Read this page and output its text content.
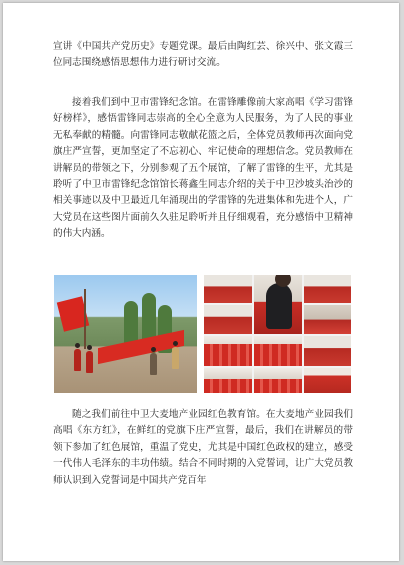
宣讲《中国共产党历史》专题党课。最后由陶红芸、徐兴中、张文霞三位同志围绕感悟思想伟力进行研讨交流。

接着我们到中卫市雷锋纪念馆。在雷锋雕像前大家高唱《学习雷锋好榜样》，感悟雷锋同志崇高的全心全意为人民服务，为了人民的事业无私奉献的精髓。向雷锋同志敬献花篮之后，全体党员教师再次面向党旗庄严宣誓，更加坚定了不忘初心、牢记使命的理想信念。党员教师在讲解员的带领之下，分别参观了五个展馆，了解了雷锋的生平，尤其是聆听了中卫市雷锋纪念馆馆长蒋鑫生同志介绍的关于中卫沙坡头治沙的相关事迹以及中卫最近几年涌现出的学雷锋的先进集体和先进个人，广大党员在这些图片面前久久驻足聆听并且仔细观看，充分感悟中卫精神的伟大内涵。

随之我们前往中卫大麦地产业园红色教育馆。在大麦地产业园我们高唱《东方红》，在鲜红的党旗下庄严宣誓，最后，我们在讲解员的带领下参加了红色展馆，重温了党史，尤其是中国红色政权的建立，感受一代伟人毛泽东的丰功伟绩。结合不同时期的入党誓词，让广大党员教师认识到入党誓词是中国共产党百年
